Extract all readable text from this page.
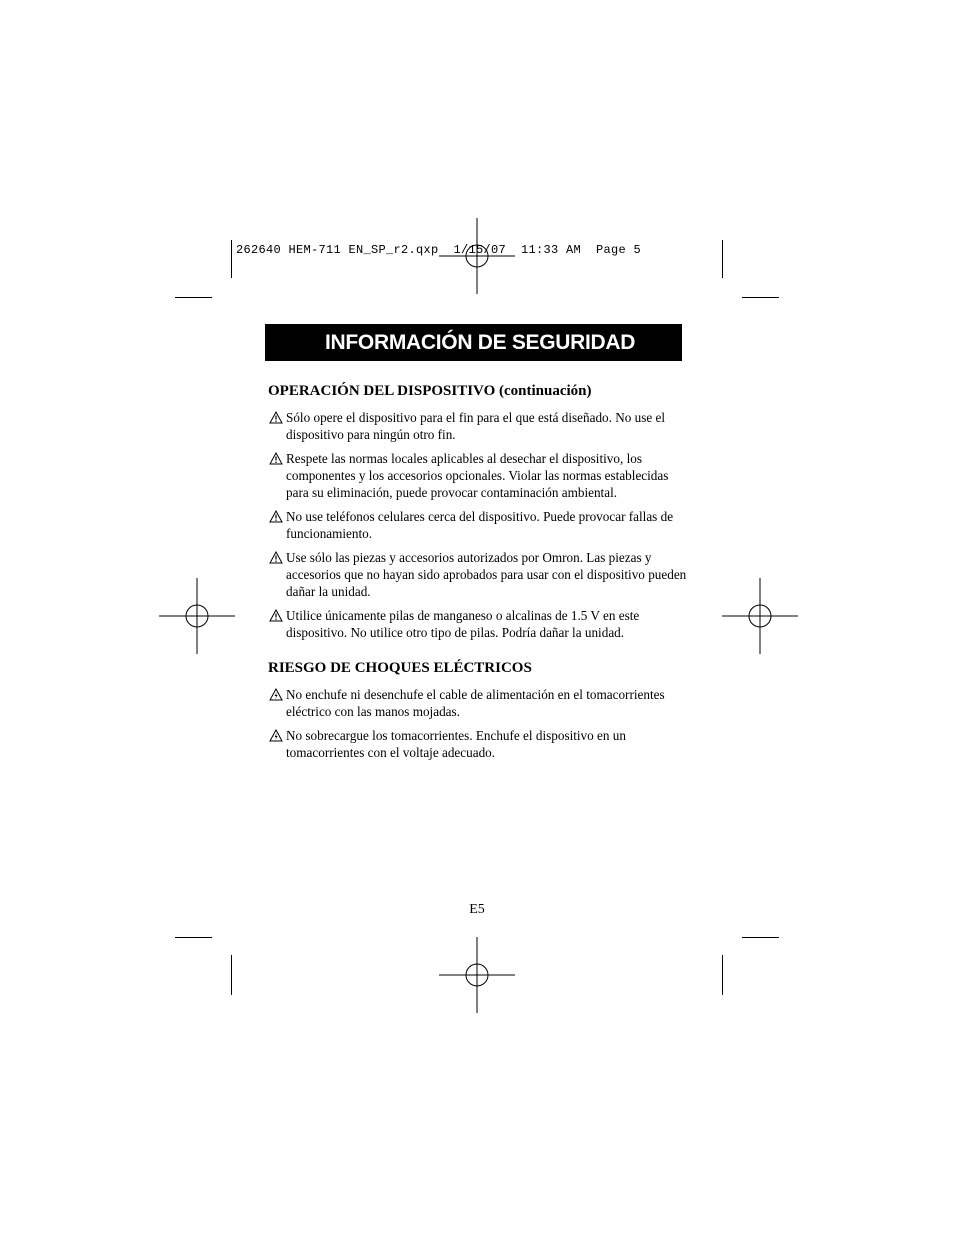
262640 HEM-711 EN_SP_r2.qxp  1/15/07  11:33 AM  Page 5
INFORMACIÓN DE SEGURIDAD
OPERACIÓN DEL DISPOSITIVO (continuación)
Sólo opere el dispositivo para el fin para el que está diseñado. No use el dispositivo para ningún otro fin.
Respete las normas locales aplicables al desechar el dispositivo, los componentes y los accesorios opcionales. Violar las normas establecidas para su eliminación, puede provocar contaminación ambiental.
No use teléfonos celulares cerca del dispositivo. Puede provocar fallas de funcionamiento.
Use sólo las piezas y accesorios autorizados por Omron. Las piezas y accesorios que no hayan sido aprobados para usar con el dispositivo pueden dañar la unidad.
Utilice únicamente pilas de manganeso o alcalinas de 1.5 V en este dispositivo. No utilice otro tipo de pilas. Podría dañar la unidad.
RIESGO DE CHOQUES ELÉCTRICOS
No enchufe ni desenchufe el cable de alimentación en el tomacorrientes eléctrico con las manos mojadas.
No sobrecargue los tomacorrientes. Enchufe el dispositivo en un tomacorrientes con el voltaje adecuado.
E5
